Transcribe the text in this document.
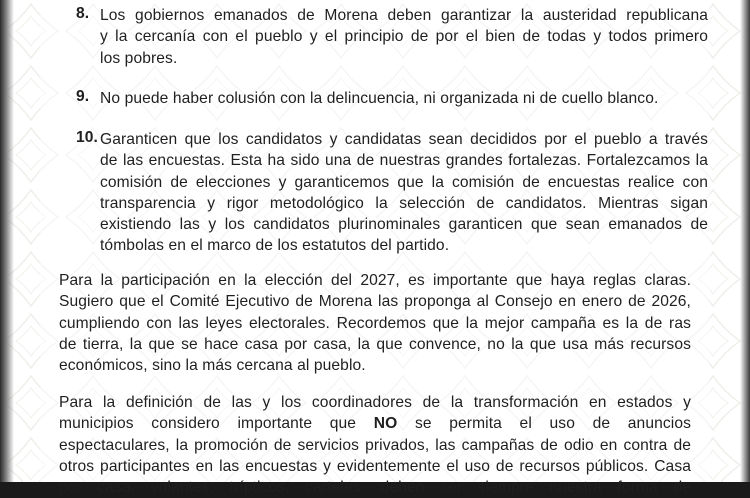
8. Los gobiernos emanados de Morena deben garantizar la austeridad republicana
y la cercanía con el pueblo y el principio de por el bien de todas y todos primero
los pobres.
9. No puede haber colusión con la delincuencia, ni organizada ni de cuello blanco.
10. Garanticen que los candidatos y candidatas sean decididos por el pueblo a través
de las encuestas. Esta ha sido una de nuestras grandes fortalezas. Fortalezcamos la
comisión de elecciones y garanticemos que la comisión de encuestas realice con
transparencia y rigor metodológico la selección de candidatos. Mientras sigan
existiendo las y los candidatos plurinominales garanticen que sean emanados de
tómbolas en el marco de los estatutos del partido.
Para la participación en la elección del 2027, es importante que haya reglas claras.
Sugiero que el Comité Ejecutivo de Morena las proponga al Consejo en enero de 2026,
cumpliendo con las leyes electorales. Recordemos que la mejor campaña es la de ras
de tierra, la que se hace casa por casa, la que convence, no la que usa más recursos
económicos, sino la más cercana al pueblo.
Para la definición de las y los coordinadores de la transformación en estados y
municipios considero importante que NO se permita el uso de anuncios
espectaculares, la promoción de servicios privados, las campañas de odio en contra de
otros participantes en las encuestas y evidentemente el uso de recursos públicos. Casa
por casa, volantes, trípticos, carteles, deben ser siempre nuestra forma de
